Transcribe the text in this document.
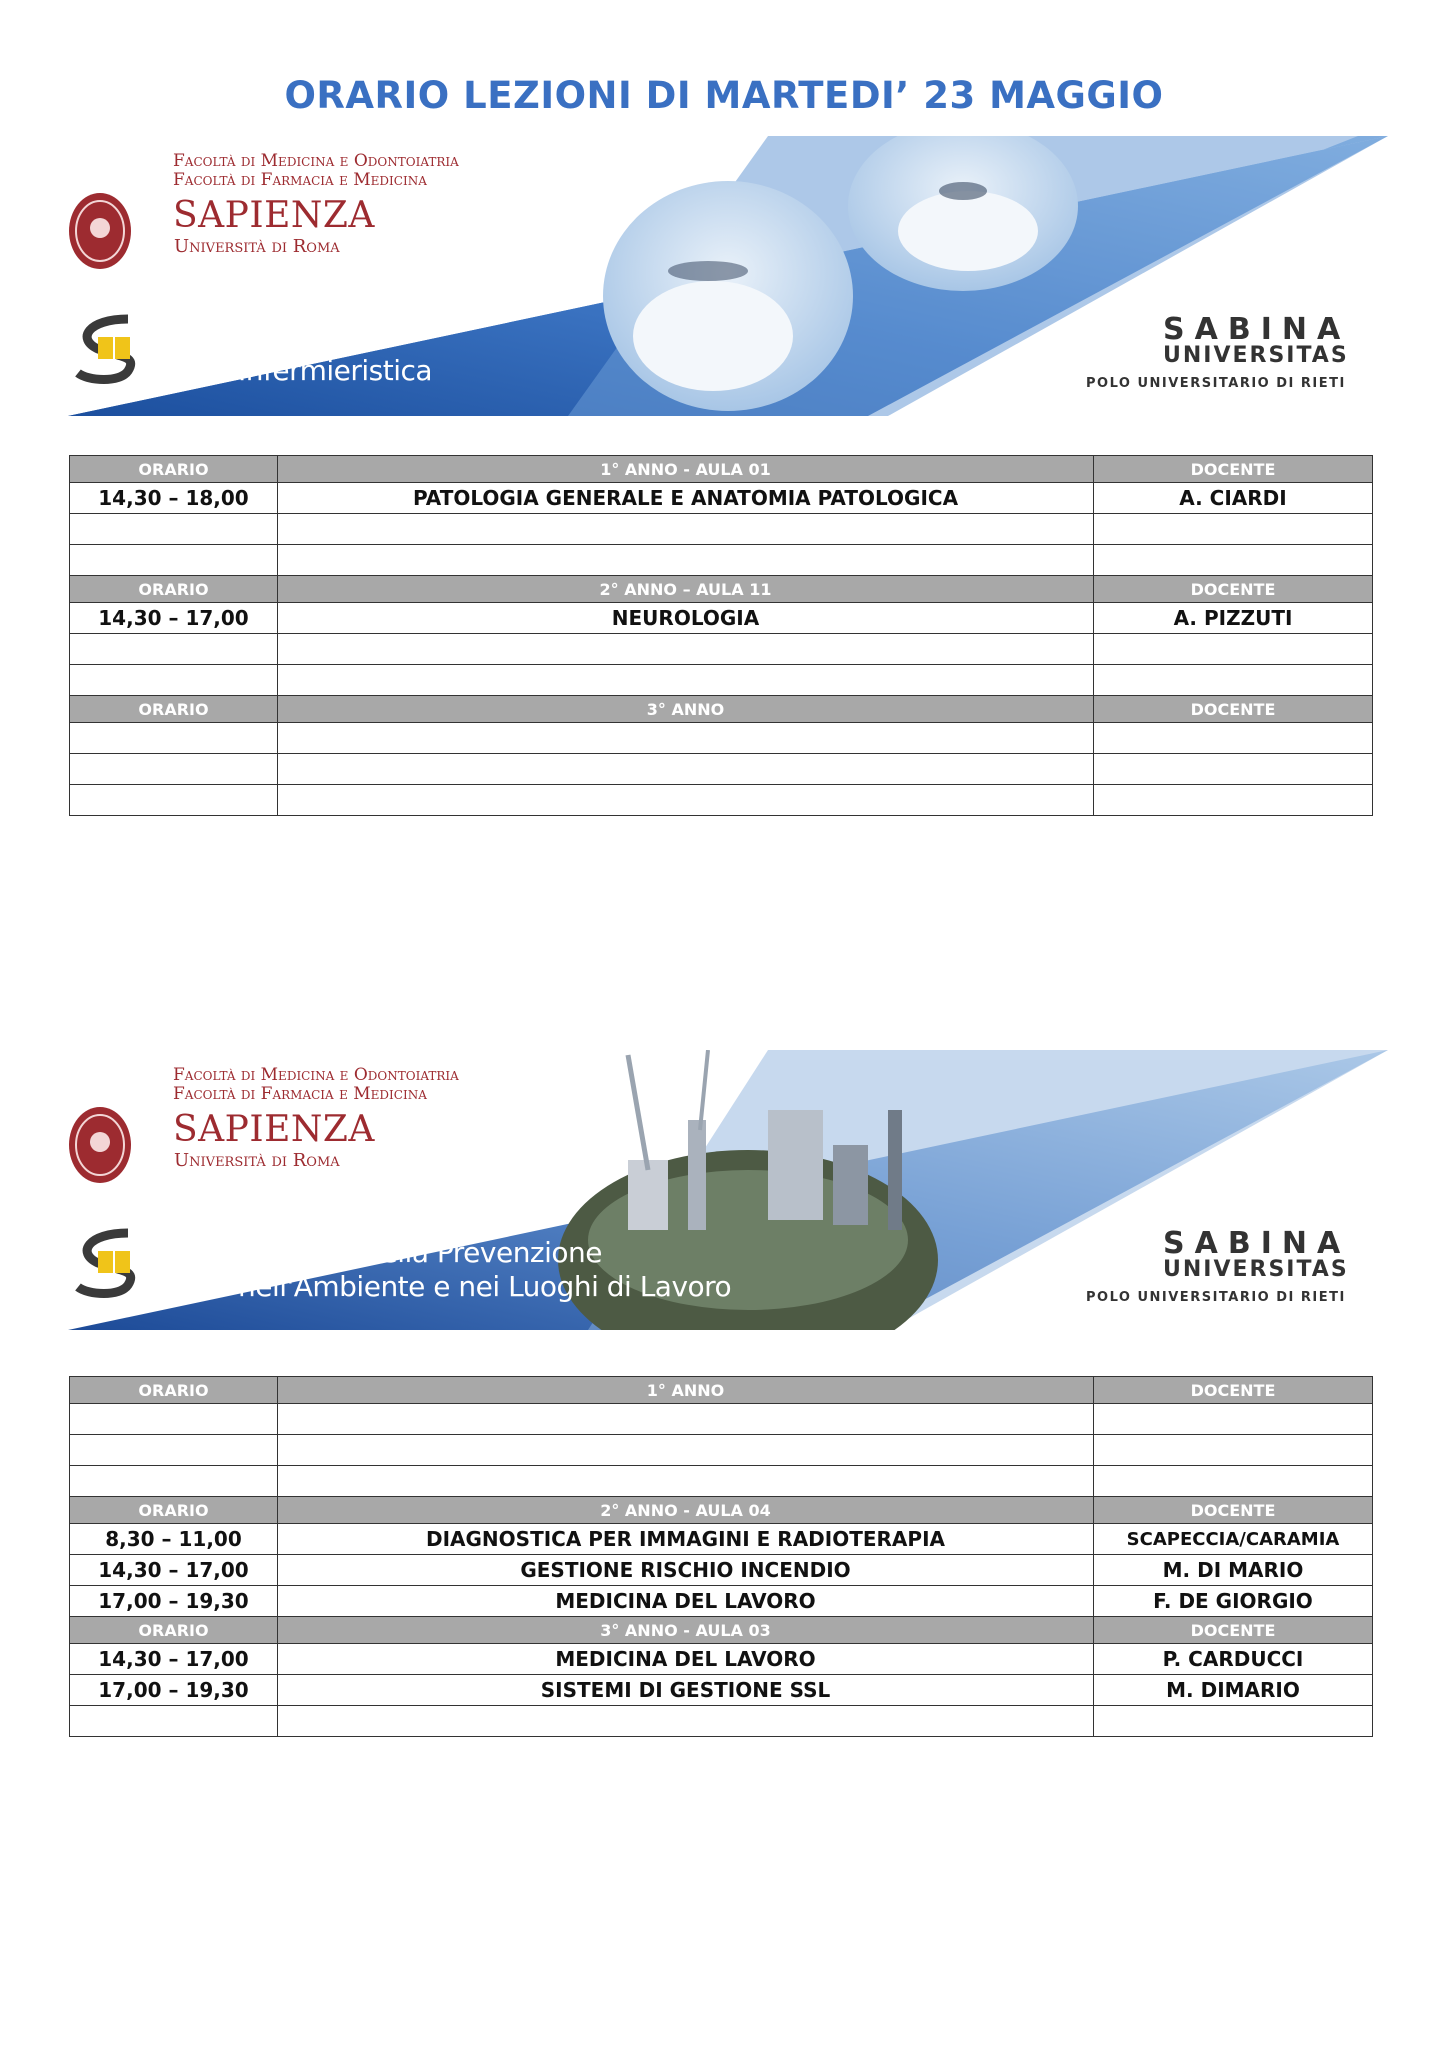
ORARIO LEZIONI DI MARTEDI’ 23 MAGGIO
Facoltà di Medicina e Odontoiatria
Facoltà di Farmacia e Medicina
SAPIENZA
Università di Roma
Infermieristica
SABINA
UNIVERSITAS
POLO UNIVERSITARIO DI RIETI
ORARIO	1° ANNO - AULA 01	DOCENTE
14,30 – 18,00	PATOLOGIA GENERALE E ANATOMIA PATOLOGICA	A. CIARDI

ORARIO	2° ANNO – AULA 11	DOCENTE
14,30 – 17,00	NEUROLOGIA	A. PIZZUTI

ORARIO	3° ANNO	DOCENTE

Facoltà di Medicina e Odontoiatria
Facoltà di Farmacia e Medicina
SAPIENZA
Università di Roma
Tecniche della Prevenzione
nell'Ambiente e nei Luoghi di Lavoro
SABINA
UNIVERSITAS
POLO UNIVERSITARIO DI RIETI
ORARIO	1° ANNO	DOCENTE

ORARIO	2° ANNO - AULA 04	DOCENTE
8,30 – 11,00	DIAGNOSTICA PER IMMAGINI E RADIOTERAPIA	SCAPECCIA/CARAMIA
14,30 – 17,00	GESTIONE RISCHIO INCENDIO	M. DI MARIO
17,00 – 19,30	MEDICINA DEL LAVORO	F. DE GIORGIO
ORARIO	3° ANNO - AULA 03	DOCENTE
14,30 – 17,00	MEDICINA DEL LAVORO	P. CARDUCCI
17,00 – 19,30	SISTEMI DI GESTIONE SSL	M. DIMARIO
